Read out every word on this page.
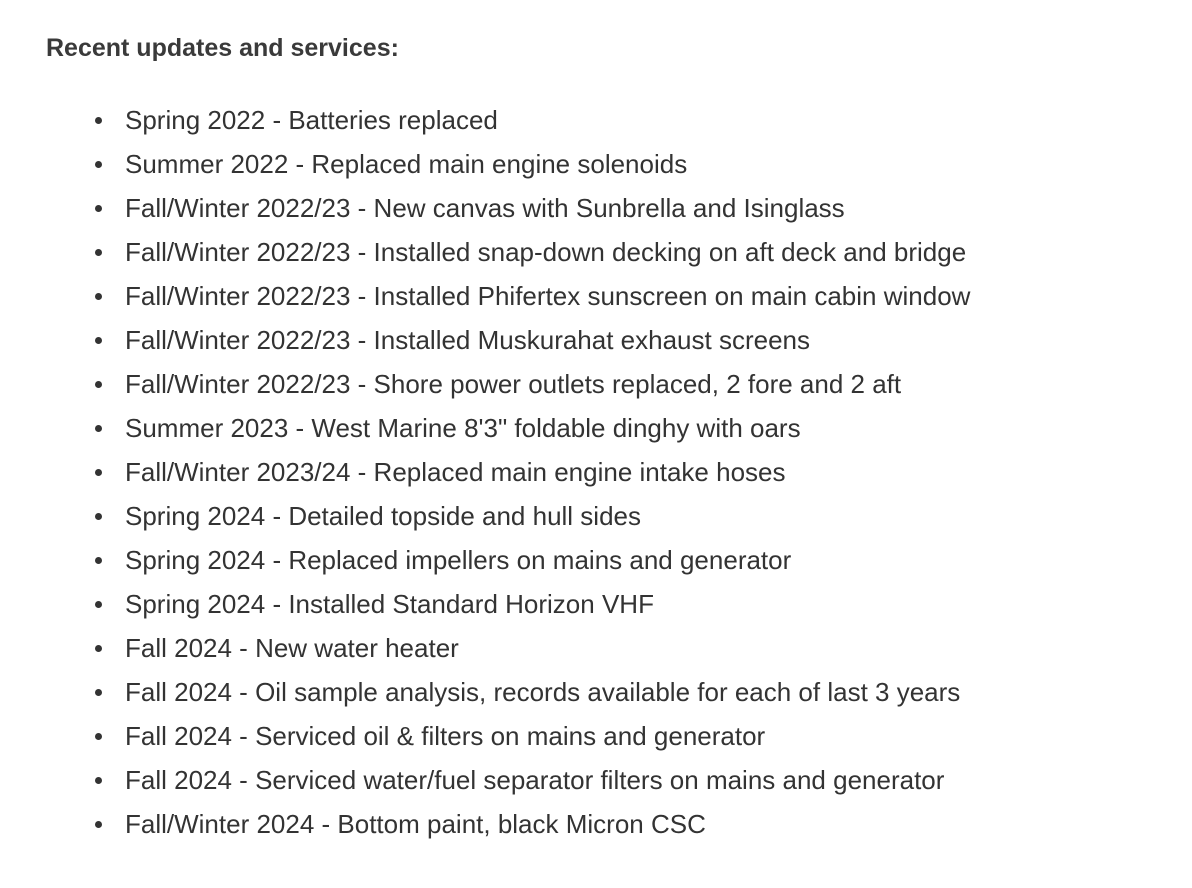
Recent updates and services:

Spring 2022 - Batteries replaced
Summer 2022 - Replaced main engine solenoids
Fall/Winter 2022/23 - New canvas with Sunbrella and Isinglass
Fall/Winter 2022/23 - Installed snap-down decking on aft deck and bridge
Fall/Winter 2022/23 - Installed Phifertex sunscreen on main cabin window
Fall/Winter 2022/23 - Installed Muskurahat exhaust screens
Fall/Winter 2022/23 - Shore power outlets replaced, 2 fore and 2 aft
Summer 2023 - West Marine 8'3" foldable dinghy with oars
Fall/Winter 2023/24 - Replaced main engine intake hoses
Spring 2024 - Detailed topside and hull sides
Spring 2024 - Replaced impellers on mains and generator
Spring 2024 - Installed Standard Horizon VHF
Fall 2024 - New water heater
Fall 2024 - Oil sample analysis, records available for each of last 3 years
Fall 2024 - Serviced oil & filters on mains and generator
Fall 2024 - Serviced water/fuel separator filters on mains and generator
Fall/Winter 2024 - Bottom paint, black Micron CSC
